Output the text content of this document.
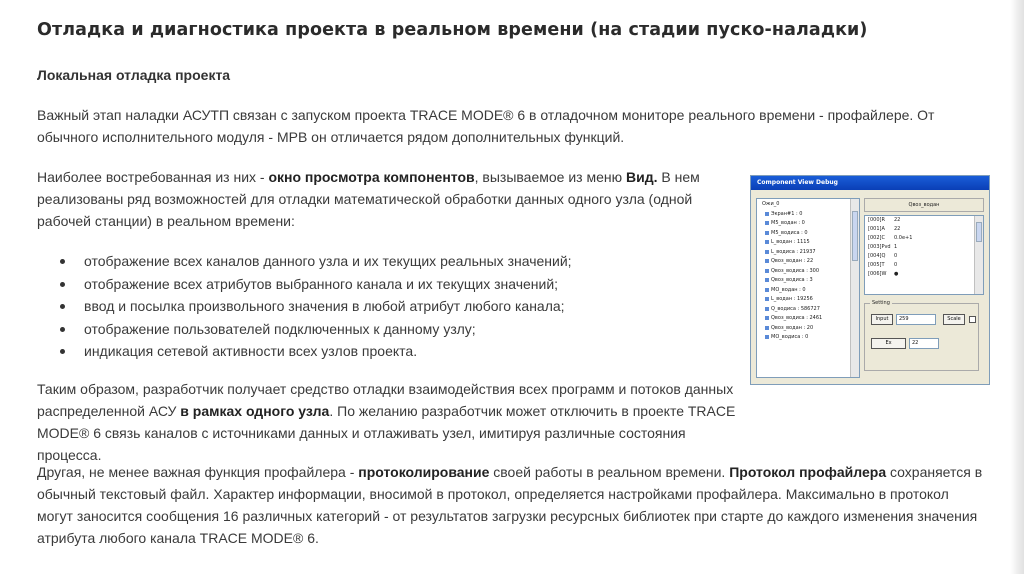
Отладка и диагностика проекта в реальном времени (на стадии пуско-наладки)
Локальная отладка проекта

Важный этап наладки АСУТП связан с запуском проекта TRACE MODE® 6 в отладочном мониторе реального времени - профайлере. От обычного исполнительного модуля - МРВ он отличается рядом дополнительных функций.

Наиболее востребованная из них - окно просмотра компонентов, вызываемое из меню Вид. В нем реализованы ряд возможностей для отладки математической обработки данных одного узла (одной рабочей станции) в реальном времени:

отображение всех каналов данного узла и их текущих реальных значений;
отображение всех атрибутов выбранного канала и их текущих значений;
ввод и посылка произвольного значения в любой атрибут любого канала;
отображение пользователей подключенных к данному узлу;
индикация сетевой активности всех узлов проекта.

Таким образом, разработчик получает средство отладки взаимодействия всех программ и потоков данных распределенной АСУ в рамках одного узла. По желанию разработчик может отключить в проекте TRACE MODE® 6 связь каналов с источниками данных и отлаживать узел, имитируя различные состояния процесса.

Другая, не менее важная функция профайлера - протоколирование своей работы в реальном времени. Протокол профайлера сохраняется в обычный текстовый файл. Характер информации, вносимой в протокол, определяется настройками профайлера. Максимально в протокол могут заносится сообщения 16 различных категорий - от результатов загрузки ресурсных библиотек при старте до каждого изменения значения атрибута любого канала TRACE MODE® 6.

Component View Debug
Ожи_0
Экран#1 : 0
М5_водан : 0
М5_водиса : 0
L_водан : 1115
L_водиса : 21937
Qвоз_водан : 22
Qвоз_водиса : 300
Qвоз_водиса : 3
МО_водан : 0
L_водан : 19256
Q_водиса : 586727
Qвоз_водиса : 2461
Qвоз_водан : 20
МО_водиса : 0
Qвоз_водан
[000]R	22
[001]A	22
[002]C	0.0е+1
[003]Pvd 1
[004]Q	0
[005]T	0
[006]W	●
Setting
Input	259	Scale
Ex	22
